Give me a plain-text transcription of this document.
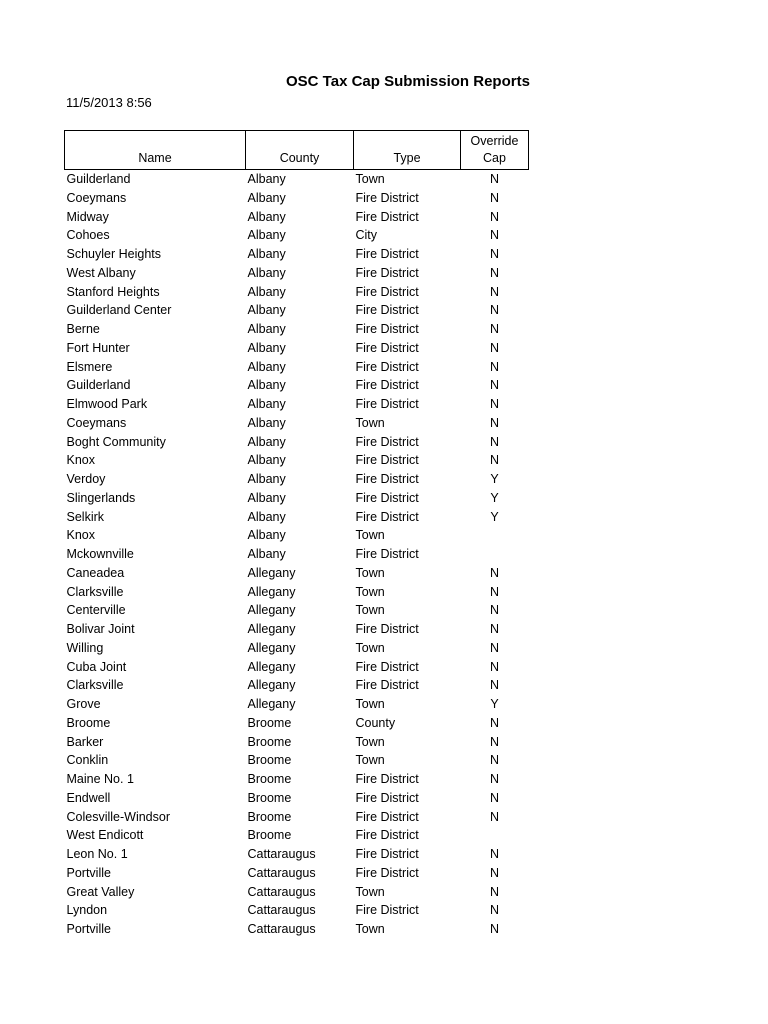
OSC Tax Cap Submission Reports
11/5/2013 8:56
Name	County	Type	Override
Cap

Guilderland	Albany	Town	N
Coeymans	Albany	Fire District	N
Midway	Albany	Fire District	N
Cohoes	Albany	City	N
Schuyler Heights	Albany	Fire District	N
West Albany	Albany	Fire District	N
Stanford Heights	Albany	Fire District	N
Guilderland Center	Albany	Fire District	N
Berne	Albany	Fire District	N
Fort Hunter	Albany	Fire District	N
Elsmere	Albany	Fire District	N
Guilderland	Albany	Fire District	N
Elmwood Park	Albany	Fire District	N
Coeymans	Albany	Town	N
Boght Community	Albany	Fire District	N
Knox	Albany	Fire District	N
Verdoy	Albany	Fire District	Y
Slingerlands	Albany	Fire District	Y
Selkirk	Albany	Fire District	Y
Knox	Albany	Town	
Mckownville	Albany	Fire District	
Caneadea	Allegany	Town	N
Clarksville	Allegany	Town	N
Centerville	Allegany	Town	N
Bolivar Joint	Allegany	Fire District	N
Willing	Allegany	Town	N
Cuba Joint	Allegany	Fire District	N
Clarksville	Allegany	Fire District	N
Grove	Allegany	Town	Y
Broome	Broome	County	N
Barker	Broome	Town	N
Conklin	Broome	Town	N
Maine No. 1	Broome	Fire District	N
Endwell	Broome	Fire District	N
Colesville-Windsor	Broome	Fire District	N
West Endicott	Broome	Fire District	
Leon No. 1	Cattaraugus	Fire District	N
Portville	Cattaraugus	Fire District	N
Great Valley	Cattaraugus	Town	N
Lyndon	Cattaraugus	Fire District	N
Portville	Cattaraugus	Town	N
